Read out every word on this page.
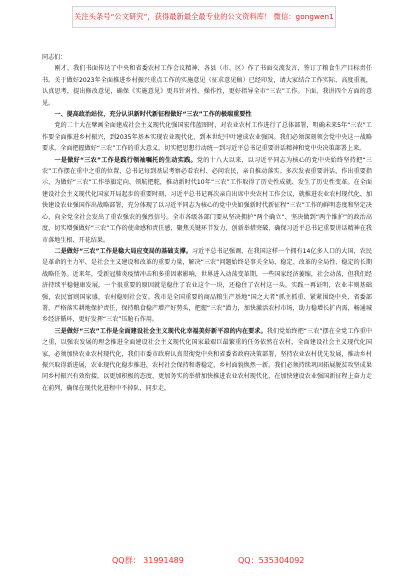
关注头条号“公文研究”，获得最新最全最专业的公文资料库！ 微信：gongwen1

同志们：

刚才，我们书面传达了中央和省委农村工作会议精神，各县（市、区）作了书面交流发言，签订了粮食生产目标责任书。关于做好2023年全面推进乡村振兴重点工作的实施意见（征求意见稿）已经印发，请大家结合工作实际，高度重视，认真思考，提出修改意见，确保《实施意见》更具针对性、操作性，更好指导全市“三农”工作。下面，我讲四个方面的意见。

一、提高政治站位，充分认识新时代新征程做好“三农”工作的极端重要性

党的二十大在擘画全面建成社会主义现代化强国宏伟蓝图时，对农业农村工作进行了总体部署，明确未来5年“三农”工作要全面推进乡村振兴，到2035年基本实现农业现代化，到本世纪中叶建成农业强国。我们必须深刻领会党中央这一战略要求，全面把握做好“三农”工作的重大意义，切实把思想行动统一到习近平总书记重要讲话精神和党中央决策部署上来。

一是做好“三农”工作是践行领袖嘱托的生动实践。党的十八大以来，以习近平同志为核心的党中央始终坚持把“三农”工作摆在重中之重的位置，总书记每到基层考察必看农村、必问农民，亲自推动落实。多次发表重要讲话、作出重要指示，为做好“三农”工作举旗定向、领航把舵，推动新时代10年“三农”工作取得了历史性成就、发生了历史性变革。在全面建设社会主义现代化国家开局起步的重要时刻，习近平总书记再次亲自出席中央农村工作会议，就推进农业农村现代化、加快建设农业强国作出战略部署，充分体现了以习近平同志为核心的党中央如强新时代新征程“三农”工作的鲜明态度和坚定决心，向全党全社会发出了重农强农的强烈信号。全市各级各部门要从坚决拥护“两个确立”、坚决做到“两个维护”的政治高度，切实增强做好“三农”工作的使命感和责任感，聚焦关键环节发力，创新举措突破，确保习近平总书记重要讲话精神在我市落地生根、开花结果。

二是做好“三农”工作是稳大局应变局的基础支撑。习近平总书记强调，在我国这样一个拥有14亿多人口的大国，农民是革命的主力军、是社会主义建设和改革的重要力量，解决“三农”问题始终是事关全局、稳定、改革的全局性、稳定的长期战略任务。近来年，受新冠肺炎疫情冲击和多重因素影响，世界进入动荡变革期，一些国家经济萎缩，社会动荡，但我们经济持续平稳健康发展，一个很重要的原因就是稳住了农业这个一块，还稳住了农村这一头。实践一再证明，农业丰则基础强，农民富则国家盛，农村稳则社会安。我市是全国重要的商品粮生产基地“国之大者”抓主抓重、紧紧围绕中央、省委部署，严格落实耕地保护责任，保持粮食稳产增产好势头，把握“三农”潜力，加快激活农村市场，助力稳增长扩内需，畅通城乡经济循环，更好发挥“三农”压舱石作用。

三是做好“三农”工作是全面建设社会主义现代化幸福美好新平凉的内在要求。我们党始终把“三农”摆在全党工作重中之重，以强农发展的理念推进全面建设社会主义现代化国家最艰巨最繁重的任务依然在农村，全面建设社会主义现代化国家，必须加快农业农村现代化，我们市委市政府认真贯彻党中央和省委省政府决策部署，坚持农业农村优先发展，推动乡村振兴取得新进展，农业现代化稳步推进，农村社会保持和谐稳定，乡村面貌焕然一新。我们必须持续巩固拓展脱贫攻坚成果同乡村振兴有效衔接，以更加积极的态度、更加务实的举措加快推进农业农村现代化，在加快建设农业强国新征程上奋力走在前列，确保在现代化进程中不掉队、同步走。

QQ群： 31991489	QQ：535304092
